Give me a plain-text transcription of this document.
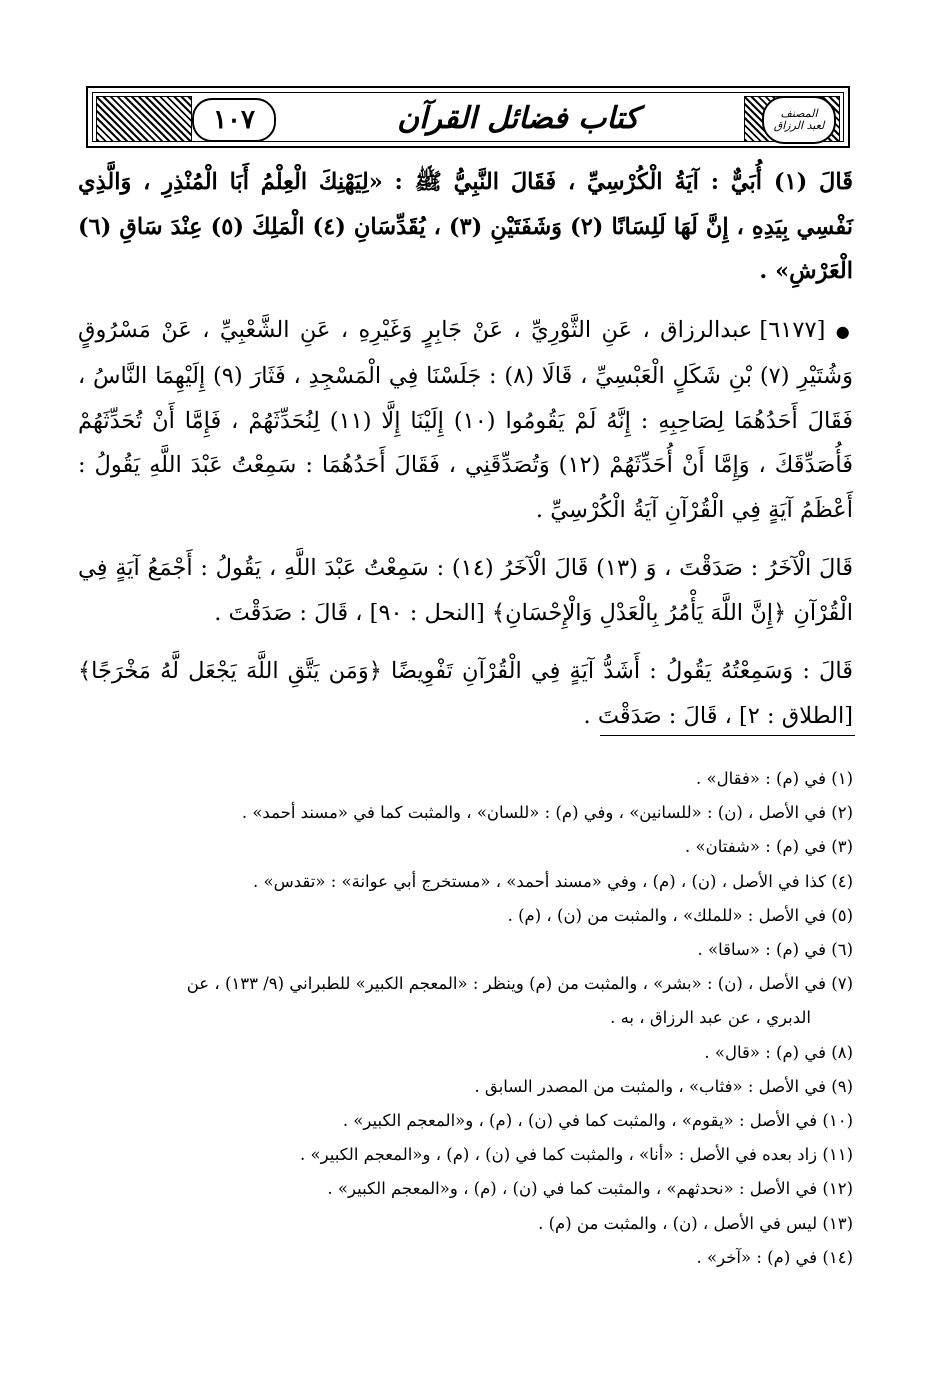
١٠٧	كتاب فضائل القرآن	المصنف
لعبد الرزاق

قَالَ (١) أُبَيٌّ : آيَةُ الْكُرْسِيِّ ، فَقَالَ النَّبِيُّ ﷺ : «لِيَهْنِكَ الْعِلْمُ أَبَا الْمُنْذِرِ ، وَالَّذِي نَفْسِي بِيَدِهِ ، إِنَّ لَهَا لَلِسَانًا (٢) وَشَفَتَيْنِ (٣) ، يُقَدِّسَانِ (٤) الْمَلِكَ (٥) عِنْدَ سَاقِ (٦) الْعَرْشِ» .

● [٦١٧٧] عبدالرزاق ، عَنِ الثَّوْرِيِّ ، عَنْ جَابِرٍ وَغَيْرِهِ ، عَنِ الشَّعْبِيِّ ، عَنْ مَسْرُوقٍ وَشُتَيْرِ (٧) بْنِ شَكَلٍ الْعَبْسِيِّ ، قَالَا (٨) : جَلَسْنَا فِي الْمَسْجِدِ ، فَثَارَ (٩) إِلَيْهِمَا النَّاسُ ، فَقَالَ أَحَدُهُمَا لِصَاحِبِهِ : إِنَّهُ لَمْ يَقُومُوا (١٠) إِلَيْنَا إِلَّا (١١) لِنُحَدِّثَهُمْ ، فَإِمَّا أَنْ تُحَدِّثَهُمْ فَأُصَدِّقَكَ ، وَإِمَّا أَنْ أُحَدِّثَهُمْ (١٢) وَتُصَدِّقَنِي ، فَقَالَ أَحَدُهُمَا : سَمِعْتُ عَبْدَ اللَّهِ يَقُولُ : أَعْظَمُ آيَةٍ فِي الْقُرْآنِ آيَةُ الْكُرْسِيِّ .

قَالَ الْآخَرُ : صَدَقْتَ ، وَ (١٣) قَالَ الْآخَرُ (١٤) : سَمِعْتُ عَبْدَ اللَّهِ ، يَقُولُ : أَجْمَعُ آيَةٍ فِي الْقُرْآنِ ﴿إِنَّ اللَّهَ يَأْمُرُ بِالْعَدْلِ وَالْإِحْسَانِ﴾ [النحل : ٩٠] ، قَالَ : صَدَقْتَ .

قَالَ : وَسَمِعْتُهُ يَقُولُ : أَشَدُّ آيَةٍ فِي الْقُرْآنِ تَفْوِيضًا ﴿وَمَن يَتَّقِ اللَّهَ يَجْعَل لَّهُ مَخْرَجًا﴾ [الطلاق : ٢] ، قَالَ : صَدَقْتَ .

(١) في (م) : «فقال» .

(٢) في الأصل ، (ن) : «للسانين» ، وفي (م) : «للسان» ، والمثبت كما في «مسند أحمد» .

(٣) في (م) : «شفتان» .

(٤) كذا في الأصل ، (ن) ، (م) ، وفي «مسند أحمد» ، «مستخرج أبي عوانة» : «تقدس» .

(٥) في الأصل : «للملك» ، والمثبت من (ن) ، (م) .

(٦) في (م) : «ساقا» .

(٧) في الأصل ، (ن) : «بشر» ، والمثبت من (م) وينظر : «المعجم الكبير» للطبراني (٩/ ١٣٣) ، عن

الدبري ، عن عبد الرزاق ، به .

(٨) في (م) : «قال» .

(٩) في الأصل : «فثاب» ، والمثبت من المصدر السابق .

(١٠) في الأصل : «يقوم» ، والمثبت كما في (ن) ، (م) ، و«المعجم الكبير» .

(١١) زاد بعده في الأصل : «أنا» ، والمثبت كما في (ن) ، (م) ، و«المعجم الكبير» .

(١٢) في الأصل : «نحدثهم» ، والمثبت كما في (ن) ، (م) ، و«المعجم الكبير» .

(١٣) ليس في الأصل ، (ن) ، والمثبت من (م) .

(١٤) في (م) : «آخر» .
